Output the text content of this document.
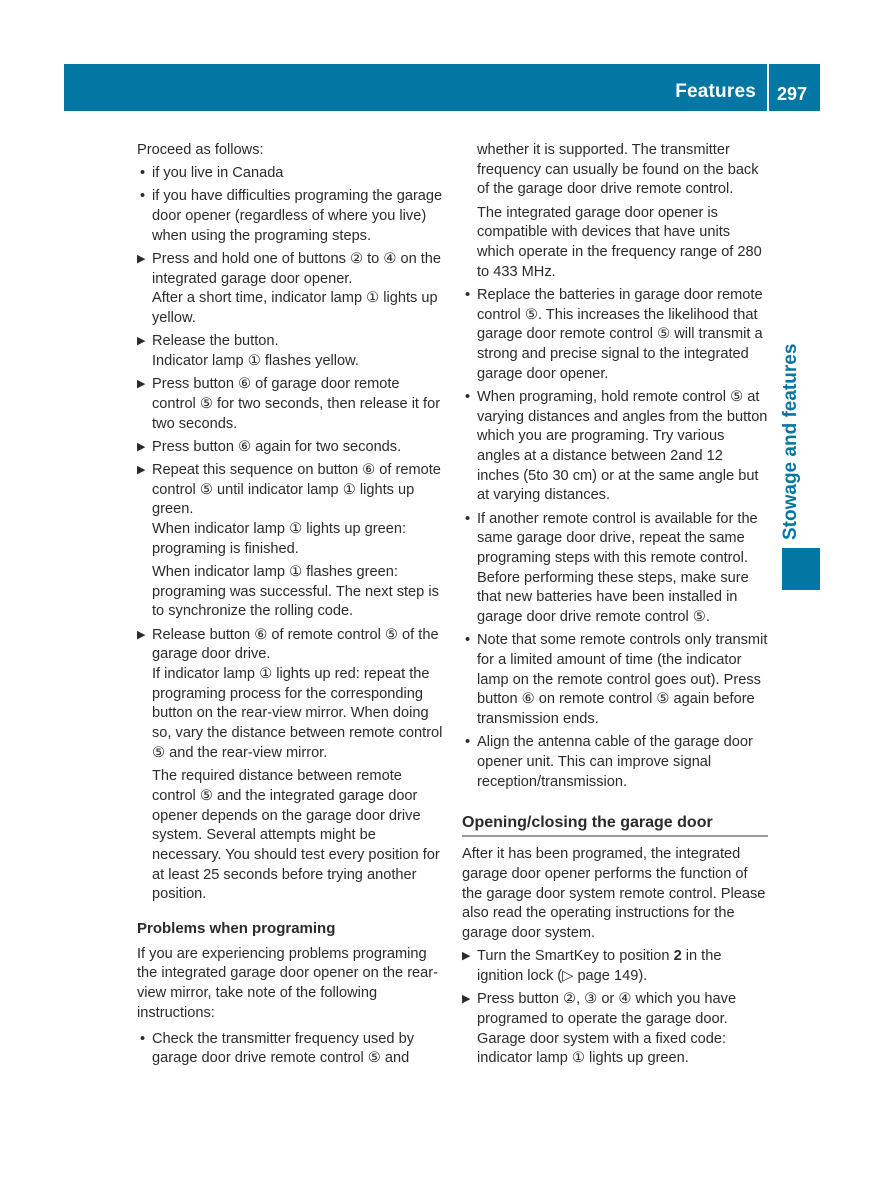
Features 297
Stowage and features

Proceed as follows:

• if you live in Canada
• if you have difficulties programing the garage door opener (regardless of where you live) when using the programing steps.
▶ Press and hold one of buttons ② to ④ on the integrated garage door opener.
After a short time, indicator lamp ① lights up yellow.
▶ Release the button.
Indicator lamp ① flashes yellow.
▶ Press button ⑥ of garage door remote control ⑤ for two seconds, then release it for two seconds.
▶ Press button ⑥ again for two seconds.
▶ Repeat this sequence on button ⑥ of remote control ⑤ until indicator lamp ① lights up green.
When indicator lamp ① lights up green: programing is finished.

When indicator lamp ① flashes green: programing was successful. The next step is to synchronize the rolling code.

▶ Release button ⑥ of remote control ⑤ of the garage door drive.
If indicator lamp ① lights up red: repeat the programing process for the corresponding button on the rear-view mirror. When doing so, vary the distance between remote control ⑤ and the rear-view mirror.

The required distance between remote control ⑤ and the integrated garage door opener depends on the garage door drive system. Several attempts might be necessary. You should test every position for at least 25 seconds before trying another position.

Problems when programing

If you are experiencing problems programing the integrated garage door opener on the rear-view mirror, take note of the following instructions:

• Check the transmitter frequency used by garage door drive remote control ⑤ and

whether it is supported. The transmitter frequency can usually be found on the back of the garage door drive remote control.

The integrated garage door opener is compatible with devices that have units which operate in the frequency range of 280 to 433 MHz.

• Replace the batteries in garage door remote control ⑤. This increases the likelihood that garage door remote control ⑤ will transmit a strong and precise signal to the integrated garage door opener.
• When programing, hold remote control ⑤ at varying distances and angles from the button which you are programing. Try various angles at a distance between 2and 12 inches (5to 30 cm) or at the same angle but at varying distances.
• If another remote control is available for the same garage door drive, repeat the same programing steps with this remote control. Before performing these steps, make sure that new batteries have been installed in garage door drive remote control ⑤.
• Note that some remote controls only transmit for a limited amount of time (the indicator lamp on the remote control goes out). Press button ⑥ on remote control ⑤ again before transmission ends.
• Align the antenna cable of the garage door opener unit. This can improve signal reception/transmission.
Opening/closing the garage door

After it has been programed, the integrated garage door opener performs the function of the garage door system remote control. Please also read the operating instructions for the garage door system.

▶ Turn the SmartKey to position 2 in the ignition lock (▷ page 149).
▶ Press button ②, ③ or ④ which you have programed to operate the garage door.
Garage door system with a fixed code: indicator lamp ① lights up green.
